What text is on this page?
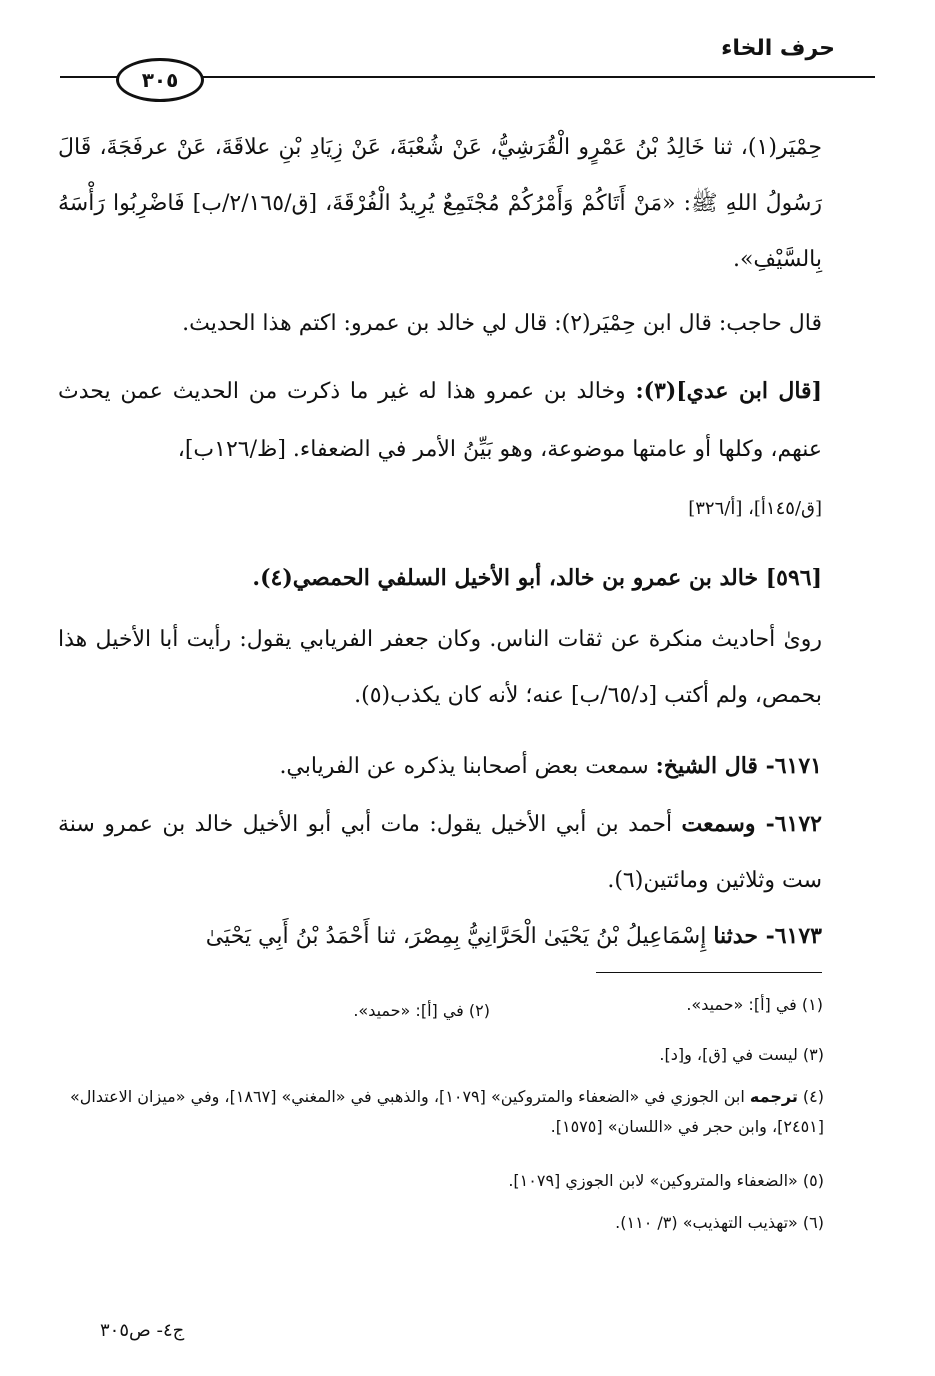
حرف الخاء
٣٠٥
حِمْيَر(١)، ثنا خَالِدُ بْنُ عَمْرٍو الْقُرَشِيُّ، عَنْ شُعْبَةَ، عَنْ زِيَادِ بْنِ علاقَةَ، عَنْ عرفَجَةَ، قَالَ رَسُولُ اللهِ ﷺ: «مَنْ أَتَاكُمْ وَأَمْرُكُمْ مُجْتَمِعٌ يُرِيدُ الْفُرْقَةَ، [ق/٢/١٦٥/ب] فَاضْرِبُوا رَأْسَهُ بِالسَّيْفِ».
قال حاجب: قال ابن حِمْيَر(٢): قال لي خالد بن عمرو: اكتم هذا الحديث.
[قال ابن عدي](٣): وخالد بن عمرو هذا له غير ما ذكرت من الحديث عمن يحدث عنهم، وكلها أو عامتها موضوعة، وهو بَيِّنُ الأمر في الضعفاء. [ظ/١٢٦ب]،
[ق/١٤٥أ]، [أ/٣٢٦]
[٥٩٦] خالد بن عمرو بن خالد، أبو الأخيل السلفي الحمصي(٤).
روىٰ أحاديث منكرة عن ثقات الناس. وكان جعفر الفريابي يقول: رأيت أبا الأخيل هذا بحمص، ولم أكتب [د/٦٥/ب] عنه؛ لأنه كان يكذب(٥).
٦١٧١- قال الشيخ: سمعت بعض أصحابنا يذكره عن الفريابي.
٦١٧٢- وسمعت أحمد بن أبي الأخيل يقول: مات أبي أبو الأخيل خالد بن عمرو سنة ست وثلاثين ومائتين(٦).
٦١٧٣- حدثنا إِسْمَاعِيلُ بْنُ يَحْيَىٰ الْحَرَّانِيُّ بِمِصْرَ، ثنا أَحْمَدُ بْنُ أَبِي يَحْيَىٰ
(١) في [أ]: «حميد».
(٢) في [أ]: «حميد».
(٣) ليست في [ق]، و[د].
(٤) ترجمه ابن الجوزي في «الضعفاء والمتروكين» [١٠٧٩]، والذهبي في «المغني» [١٨٦٧]، وفي «ميزان الاعتدال» [٢٤٥١]، وابن حجر في «اللسان» [١٥٧٥].
(٥) «الضعفاء والمتروكين» لابن الجوزي [١٠٧٩].
(٦) «تهذيب التهذيب» (٣/ ١١٠).
ج٤- ص٣٠٥
